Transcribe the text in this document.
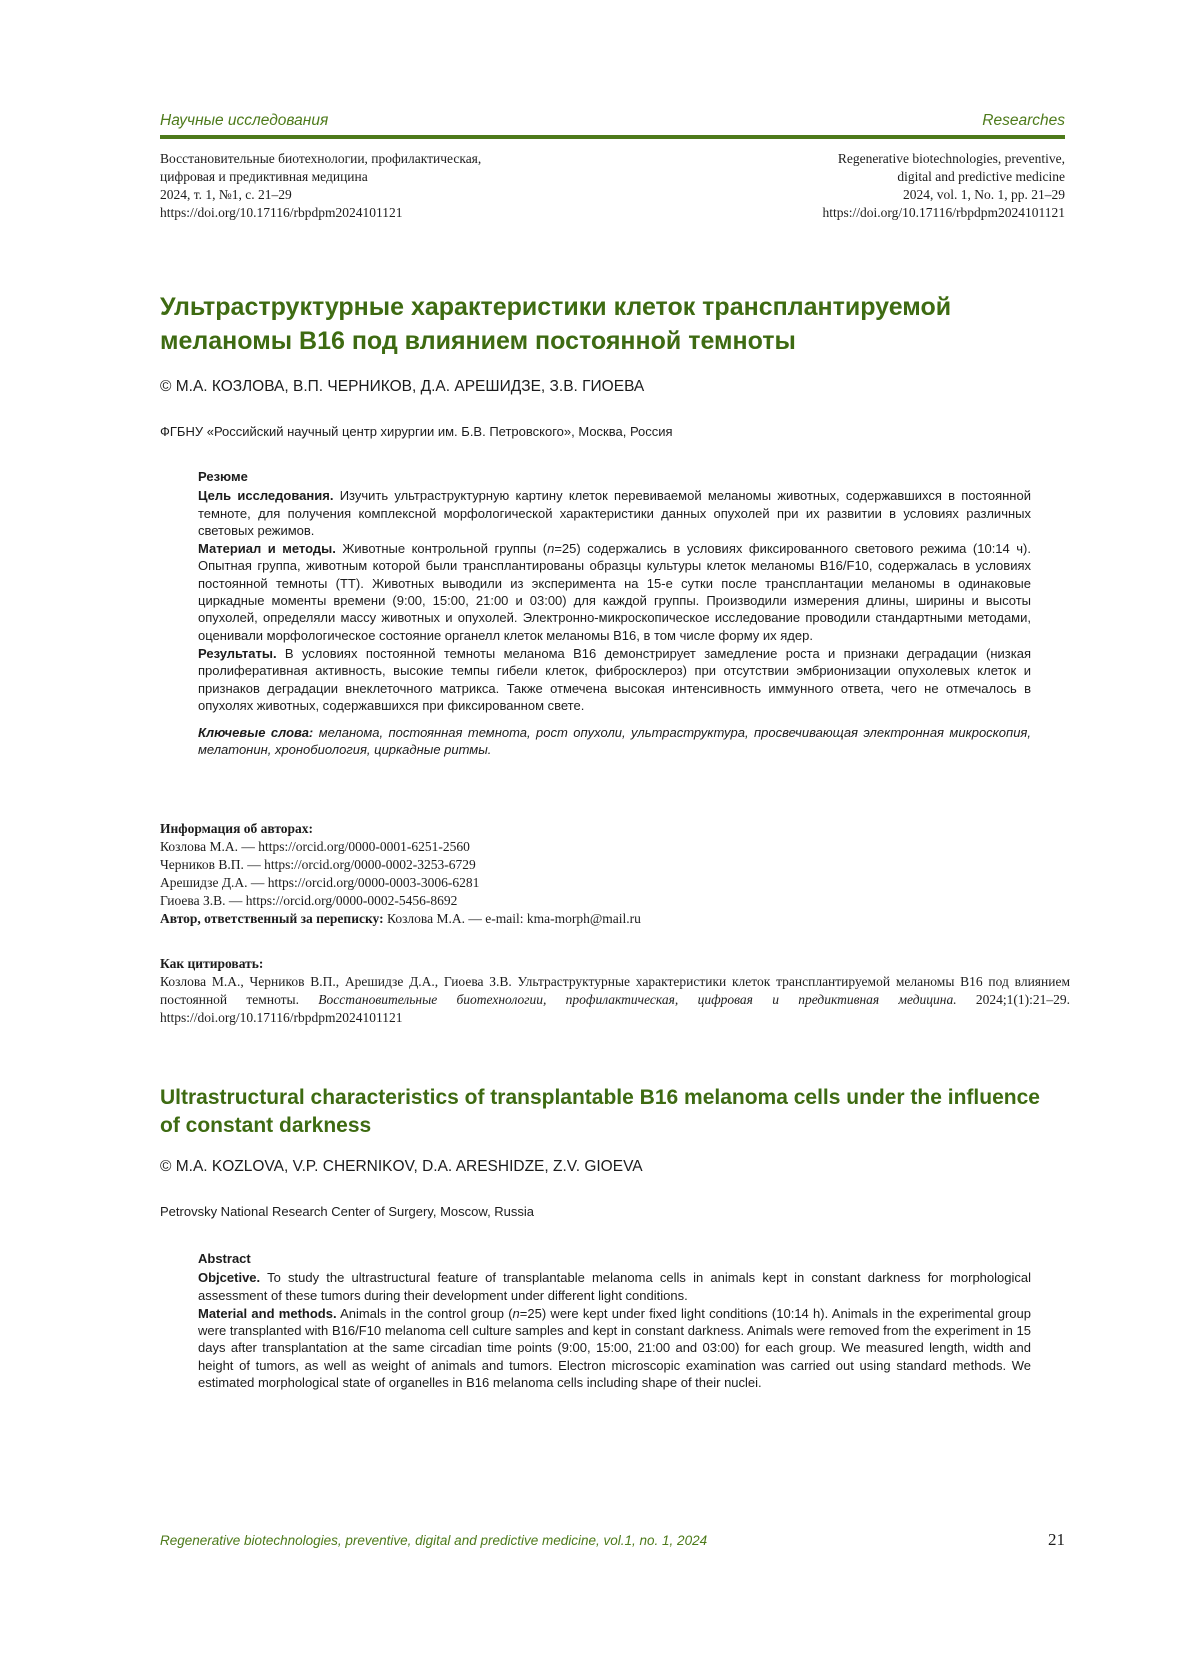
Научные исследования	Researches
Восстановительные биотехнологии, профилактическая,
цифровая и предиктивная медицина
2024, т. 1, №1, с. 21–29
https://doi.org/10.17116/rbpdpm2024101121
Regenerative biotechnologies, preventive,
digital and predictive medicine
2024, vol. 1, No. 1, pp. 21–29
https://doi.org/10.17116/rbpdpm2024101121
Ультраструктурные характеристики клеток трансплантируемой
меланомы B16 под влиянием постоянной темноты
© М.А. КОЗЛОВА, В.П. ЧЕРНИКОВ, Д.А. АРЕШИДЗЕ, З.В. ГИОЕВА
ФГБНУ «Российский научный центр хирургии им. Б.В. Петровского», Москва, Россия
Резюме

Цель исследования. Изучить ультраструктурную картину клеток перевиваемой меланомы животных, содержавшихся в постоянной темноте, для получения комплексной морфологической характеристики данных опухолей при их развитии в условиях различных световых режимов.

Материал и методы. Животные контрольной группы (n=25) содержались в условиях фиксированного светового режима (10:14 ч). Опытная группа, животным которой были трансплантированы образцы культуры клеток меланомы B16/F10, содержалась в условиях постоянной темноты (ТТ). Животных выводили из эксперимента на 15-е сутки после трансплантации меланомы в одинаковые циркадные моменты времени (9:00, 15:00, 21:00 и 03:00) для каждой группы. Производили измерения длины, ширины и высоты опухолей, определяли массу животных и опухолей. Электронно-микроскопическое исследование проводили стандартными методами, оценивали морфологическое состояние органелл клеток меланомы B16, в том числе форму их ядер.

Результаты. В условиях постоянной темноты меланома B16 демонстрирует замедление роста и признаки деградации (низкая пролиферативная активность, высокие темпы гибели клеток, фибросклероз) при отсутствии эмбрионизации опухолевых клеток и признаков деградации внеклеточного матрикса. Также отмечена высокая интенсивность иммунного ответа, чего не отмечалось в опухолях животных, содержавшихся при фиксированном свете.

Ключевые слова: меланома, постоянная темнота, рост опухоли, ультраструктура, просвечивающая электронная микроскопия, мелатонин, хронобиология, циркадные ритмы.

Информация об авторах:
Козлова М.А. — https://orcid.org/0000-0001-6251-2560
Черников В.П. — https://orcid.org/0000-0002-3253-6729
Арешидзе Д.А. — https://orcid.org/0000-0003-3006-6281
Гиоева З.В. — https://orcid.org/0000-0002-5456-8692
Автор, ответственный за переписку: Козлова М.А. — e-mail: kma-morph@mail.ru
Как цитировать:
Козлова М.А., Черников В.П., Арешидзе Д.А., Гиоева З.В. Ультраструктурные характеристики клеток трансплантируемой меланомы B16 под влиянием постоянной темноты. Восстановительные биотехнологии, профилактическая, цифровая и предиктивная медицина. 2024;1(1):21–29. https://doi.org/10.17116/rbpdpm2024101121
Ultrastructural characteristics of transplantable B16 melanoma cells under the influence
of constant darkness
© M.A. KOZLOVA, V.P. CHERNIKOV, D.A. ARESHIDZE, Z.V. GIOEVA
Petrovsky National Research Center of Surgery, Moscow, Russia
Abstract

Objcetive. To study the ultrastructural feature of transplantable melanoma cells in animals kept in constant darkness for morphological assessment of these tumors during their development under different light conditions.

Material and methods. Animals in the control group (n=25) were kept under fixed light conditions (10:14 h). Animals in the experimental group were transplanted with B16/F10 melanoma cell culture samples and kept in constant darkness. Animals were removed from the experiment in 15 days after transplantation at the same circadian time points (9:00, 15:00, 21:00 and 03:00) for each group. We measured length, width and height of tumors, as well as weight of animals and tumors. Electron microscopic examination was carried out using standard methods. We estimated morphological state of organelles in B16 melanoma cells including shape of their nuclei.

Regenerative biotechnologies, preventive, digital and predictive medicine, vol.1, no. 1, 2024	21
